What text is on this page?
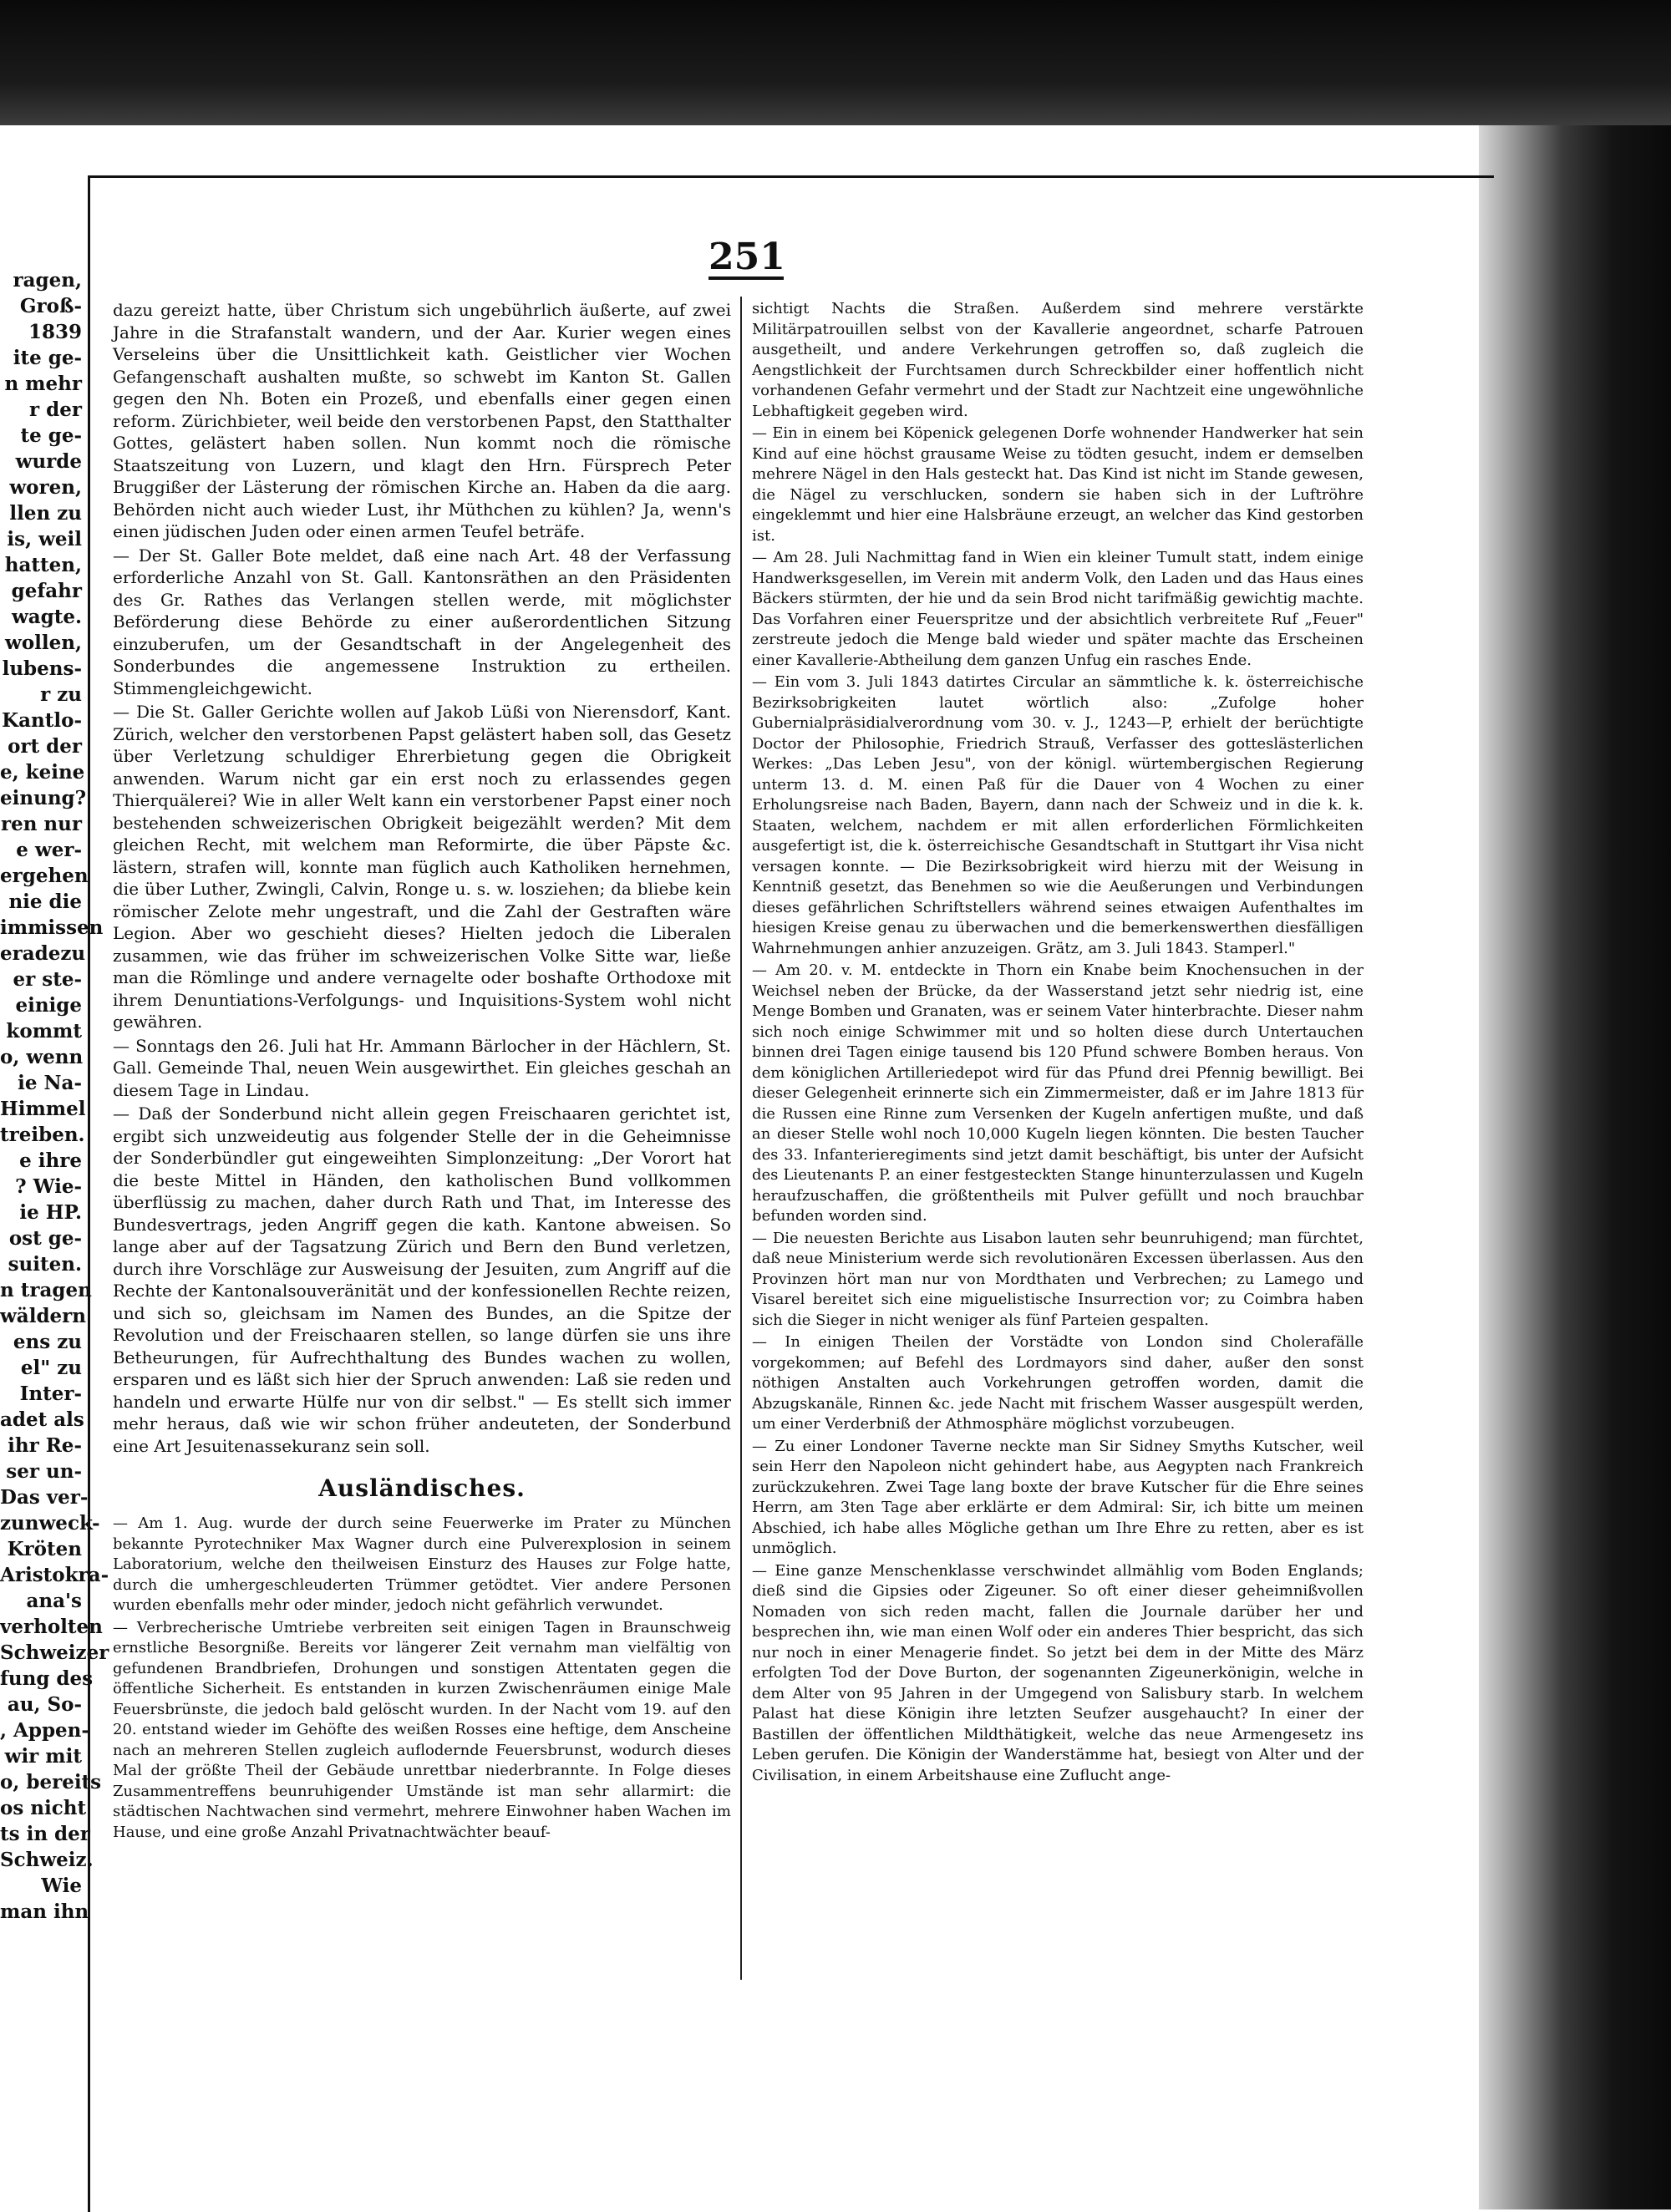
ragen,
Groß-
1839
ite ge-
n mehr
r der
te ge-
wurde
woren,
llen zu
is, weil
hatten,
gefahr
wagte.
wollen,
lubens-
r zu
Kantlo-
ort der
e, keine
einung?
ren nur
e wer-
ergehen
nie die
immissen
eradezu
er ste-
einige
kommt
o, wenn
ie Na-
Himmel
treiben.
e ihre
? Wie-
ie HP.
ost ge-
suiten.
n tragen
wäldern
ens zu
el" zu
Inter-
adet als
ihr Re-
ser un-
Das ver-
zunweck-
Kröten
Aristokra-
ana's
verholten
Schweizer
fung des
au, So-
, Appen-
wir mit
o, bereits
os nicht
ts in der
Schweiz.
Wie
man ihn
251

dazu gereizt hatte, über Christum sich ungebührlich äußerte, auf zwei Jahre in die Strafanstalt wandern, und der Aar. Kurier wegen eines Verseleins über die Unsittlichkeit kath. Geistlicher vier Wochen Gefangenschaft aushalten mußte, so schwebt im Kanton St. Gallen gegen den Nh. Boten ein Prozeß, und ebenfalls einer gegen einen reform. Zürichbieter, weil beide den verstorbenen Papst, den Statthalter Gottes, gelästert haben sollen. Nun kommt noch die römische Staatszeitung von Luzern, und klagt den Hrn. Fürsprech Peter Bruggißer der Lästerung der römischen Kirche an. Haben da die aarg. Behörden nicht auch wieder Lust, ihr Müthchen zu kühlen? Ja, wenn's einen jüdischen Juden oder einen armen Teufel beträfe.

— Der St. Galler Bote meldet, daß eine nach Art. 48 der Verfassung erforderliche Anzahl von St. Gall. Kantonsräthen an den Präsidenten des Gr. Rathes das Verlangen stellen werde, mit möglichster Beförderung diese Behörde zu einer außerordentlichen Sitzung einzuberufen, um der Gesandtschaft in der Angelegenheit des Sonderbundes die angemessene Instruktion zu ertheilen. Stimmengleichgewicht.

— Die St. Galler Gerichte wollen auf Jakob Lüßi von Nierensdorf, Kant. Zürich, welcher den verstorbenen Papst gelästert haben soll, das Gesetz über Verletzung schuldiger Ehrerbietung gegen die Obrigkeit anwenden. Warum nicht gar ein erst noch zu erlassendes gegen Thierquälerei? Wie in aller Welt kann ein verstorbener Papst einer noch bestehenden schweizerischen Obrigkeit beigezählt werden? Mit dem gleichen Recht, mit welchem man Reformirte, die über Päpste &c. lästern, strafen will, konnte man füglich auch Katholiken hernehmen, die über Luther, Zwingli, Calvin, Ronge u. s. w. losziehen; da bliebe kein römischer Zelote mehr ungestraft, und die Zahl der Gestraften wäre Legion. Aber wo geschieht dieses? Hielten jedoch die Liberalen zusammen, wie das früher im schweizerischen Volke Sitte war, ließe man die Römlinge und andere vernagelte oder boshafte Orthodoxe mit ihrem Denuntiations-Verfolgungs- und Inquisitions-System wohl nicht gewähren.

— Sonntags den 26. Juli hat Hr. Ammann Bärlocher in der Hächlern, St. Gall. Gemeinde Thal, neuen Wein ausgewirthet. Ein gleiches geschah an diesem Tage in Lindau.

— Daß der Sonderbund nicht allein gegen Freischaaren gerichtet ist, ergibt sich unzweideutig aus folgender Stelle der in die Geheimnisse der Sonderbündler gut eingeweihten Simplonzeitung: „Der Vorort hat die beste Mittel in Händen, den katholischen Bund vollkommen überflüssig zu machen, daher durch Rath und That, im Interesse des Bundesvertrags, jeden Angriff gegen die kath. Kantone abweisen. So lange aber auf der Tagsatzung Zürich und Bern den Bund verletzen, durch ihre Vorschläge zur Ausweisung der Jesuiten, zum Angriff auf die Rechte der Kantonalsouveränität und der konfessionellen Rechte reizen, und sich so, gleichsam im Namen des Bundes, an die Spitze der Revolution und der Freischaaren stellen, so lange dürfen sie uns ihre Betheurungen, für Aufrechthaltung des Bundes wachen zu wollen, ersparen und es läßt sich hier der Spruch anwenden: Laß sie reden und handeln und erwarte Hülfe nur von dir selbst." — Es stellt sich immer mehr heraus, daß wie wir schon früher andeuteten, der Sonderbund eine Art Jesuitenassekuranz sein soll.

Ausländisches.

— Am 1. Aug. wurde der durch seine Feuerwerke im Prater zu München bekannte Pyrotechniker Max Wagner durch eine Pulverexplosion in seinem Laboratorium, welche den theilweisen Einsturz des Hauses zur Folge hatte, durch die umhergeschleuderten Trümmer getödtet. Vier andere Personen wurden ebenfalls mehr oder minder, jedoch nicht gefährlich verwundet.

— Verbrecherische Umtriebe verbreiten seit einigen Tagen in Braunschweig ernstliche Besorgniße. Bereits vor längerer Zeit vernahm man vielfältig von gefundenen Brandbriefen, Drohungen und sonstigen Attentaten gegen die öffentliche Sicherheit. Es entstanden in kurzen Zwischenräumen einige Male Feuersbrünste, die jedoch bald gelöscht wurden. In der Nacht vom 19. auf den 20. entstand wieder im Gehöfte des weißen Rosses eine heftige, dem Anscheine nach an mehreren Stellen zugleich auflodernde Feuersbrunst, wodurch dieses Mal der größte Theil der Gebäude unrettbar niederbrannte. In Folge dieses Zusammentreffens beunruhigender Umstände ist man sehr allarmirt: die städtischen Nachtwachen sind vermehrt, mehrere Einwohner haben Wachen im Hause, und eine große Anzahl Privatnachtwächter beauf-

sichtigt Nachts die Straßen. Außerdem sind mehrere verstärkte Militärpatrouillen selbst von der Kavallerie angeordnet, scharfe Patrouen ausgetheilt, und andere Verkehrungen getroffen so, daß zugleich die Aengstlichkeit der Furchtsamen durch Schreckbilder einer hoffentlich nicht vorhandenen Gefahr vermehrt und der Stadt zur Nachtzeit eine ungewöhnliche Lebhaftigkeit gegeben wird.

— Ein in einem bei Köpenick gelegenen Dorfe wohnender Handwerker hat sein Kind auf eine höchst grausame Weise zu tödten gesucht, indem er demselben mehrere Nägel in den Hals gesteckt hat. Das Kind ist nicht im Stande gewesen, die Nägel zu verschlucken, sondern sie haben sich in der Luftröhre eingeklemmt und hier eine Halsbräune erzeugt, an welcher das Kind gestorben ist.

— Am 28. Juli Nachmittag fand in Wien ein kleiner Tumult statt, indem einige Handwerksgesellen, im Verein mit anderm Volk, den Laden und das Haus eines Bäckers stürmten, der hie und da sein Brod nicht tarifmäßig gewichtig machte. Das Vorfahren einer Feuerspritze und der absichtlich verbreitete Ruf „Feuer" zerstreute jedoch die Menge bald wieder und später machte das Erscheinen einer Kavallerie-Abtheilung dem ganzen Unfug ein rasches Ende.

— Ein vom 3. Juli 1843 datirtes Circular an sämmtliche k. k. österreichische Bezirksobrigkeiten lautet wörtlich also: „Zufolge hoher Gubernialpräsidialverordnung vom 30. v. J., 1243—P, erhielt der berüchtigte Doctor der Philosophie, Friedrich Strauß, Verfasser des gotteslästerlichen Werkes: „Das Leben Jesu", von der königl. würtembergischen Regierung unterm 13. d. M. einen Paß für die Dauer von 4 Wochen zu einer Erholungsreise nach Baden, Bayern, dann nach der Schweiz und in die k. k. Staaten, welchem, nachdem er mit allen erforderlichen Förmlichkeiten ausgefertigt ist, die k. österreichische Gesandtschaft in Stuttgart ihr Visa nicht versagen konnte. — Die Bezirksobrigkeit wird hierzu mit der Weisung in Kenntniß gesetzt, das Benehmen so wie die Aeußerungen und Verbindungen dieses gefährlichen Schriftstellers während seines etwaigen Aufenthaltes im hiesigen Kreise genau zu überwachen und die bemerkenswerthen diesfälligen Wahrnehmungen anhier anzuzeigen. Grätz, am 3. Juli 1843. Stamperl."

— Am 20. v. M. entdeckte in Thorn ein Knabe beim Knochensuchen in der Weichsel neben der Brücke, da der Wasserstand jetzt sehr niedrig ist, eine Menge Bomben und Granaten, was er seinem Vater hinterbrachte. Dieser nahm sich noch einige Schwimmer mit und so holten diese durch Untertauchen binnen drei Tagen einige tausend bis 120 Pfund schwere Bomben heraus. Von dem königlichen Artilleriedepot wird für das Pfund drei Pfennig bewilligt. Bei dieser Gelegenheit erinnerte sich ein Zimmermeister, daß er im Jahre 1813 für die Russen eine Rinne zum Versenken der Kugeln anfertigen mußte, und daß an dieser Stelle wohl noch 10,000 Kugeln liegen könnten. Die besten Taucher des 33. Infanterieregiments sind jetzt damit beschäftigt, bis unter der Aufsicht des Lieutenants P. an einer festgesteckten Stange hinunterzulassen und Kugeln heraufzuschaffen, die größtentheils mit Pulver gefüllt und noch brauchbar befunden worden sind.

— Die neuesten Berichte aus Lisabon lauten sehr beunruhigend; man fürchtet, daß neue Ministerium werde sich revolutionären Excessen überlassen. Aus den Provinzen hört man nur von Mordthaten und Verbrechen; zu Lamego und Visarel bereitet sich eine miguelistische Insurrection vor; zu Coimbra haben sich die Sieger in nicht weniger als fünf Parteien gespalten.

— In einigen Theilen der Vorstädte von London sind Cholerafälle vorgekommen; auf Befehl des Lordmayors sind daher, außer den sonst nöthigen Anstalten auch Vorkehrungen getroffen worden, damit die Abzugskanäle, Rinnen &c. jede Nacht mit frischem Wasser ausgespült werden, um einer Verderbniß der Athmosphäre möglichst vorzubeugen.

— Zu einer Londoner Taverne neckte man Sir Sidney Smyths Kutscher, weil sein Herr den Napoleon nicht gehindert habe, aus Aegypten nach Frankreich zurückzukehren. Zwei Tage lang boxte der brave Kutscher für die Ehre seines Herrn, am 3ten Tage aber erklärte er dem Admiral: Sir, ich bitte um meinen Abschied, ich habe alles Mögliche gethan um Ihre Ehre zu retten, aber es ist unmöglich.

— Eine ganze Menschenklasse verschwindet allmählig vom Boden Englands; dieß sind die Gipsies oder Zigeuner. So oft einer dieser geheimnißvollen Nomaden von sich reden macht, fallen die Journale darüber her und besprechen ihn, wie man einen Wolf oder ein anderes Thier bespricht, das sich nur noch in einer Menagerie findet. So jetzt bei dem in der Mitte des März erfolgten Tod der Dove Burton, der sogenannten Zigeunerkönigin, welche in dem Alter von 95 Jahren in der Umgegend von Salisbury starb. In welchem Palast hat diese Königin ihre letzten Seufzer ausgehaucht? In einer der Bastillen der öffentlichen Mildthätigkeit, welche das neue Armengesetz ins Leben gerufen. Die Königin der Wanderstämme hat, besiegt von Alter und der Civilisation, in einem Arbeitshause eine Zuflucht ange-
